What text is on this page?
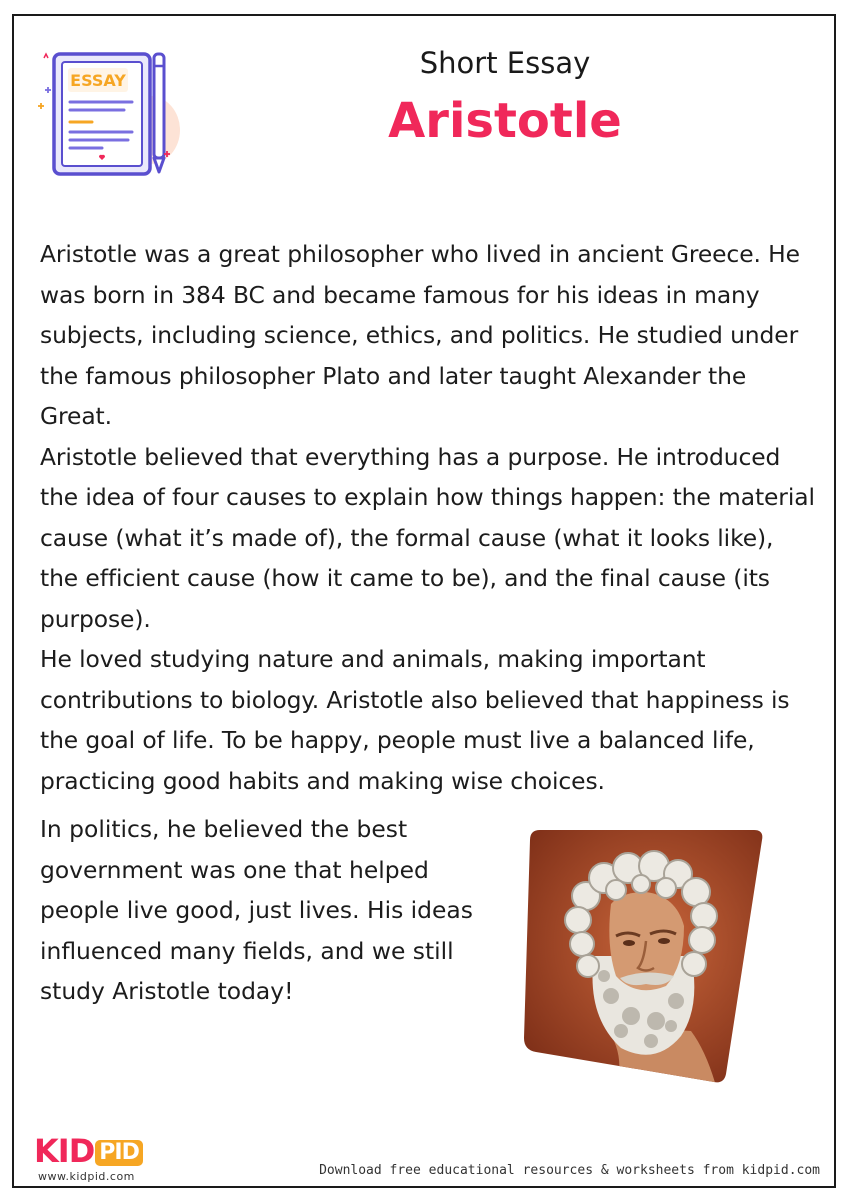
ESSAY
Short Essay
Aristotle

Aristotle was a great philosopher who lived in ancient Greece. He was born in 384 BC and became famous for his ideas in many subjects, including science, ethics, and politics. He studied under the famous philosopher Plato and later taught Alexander the Great.

Aristotle believed that everything has a purpose. He introduced the idea of four causes to explain how things happen: the material cause (what it’s made of), the formal cause (what it looks like), the efficient cause (how it came to be), and the final cause (its purpose).

He loved studying nature and animals, making important contributions to biology. Aristotle also believed that happiness is the goal of life. To be happy, people must live a balanced life, practicing good habits and making wise choices.

In politics, he believed the best government was one that helped people live good, just lives. His ideas influenced many fields, and we still study Aristotle today!
KID PID
www.kidpid.com	Download free educational resources & worksheets from kidpid.com
